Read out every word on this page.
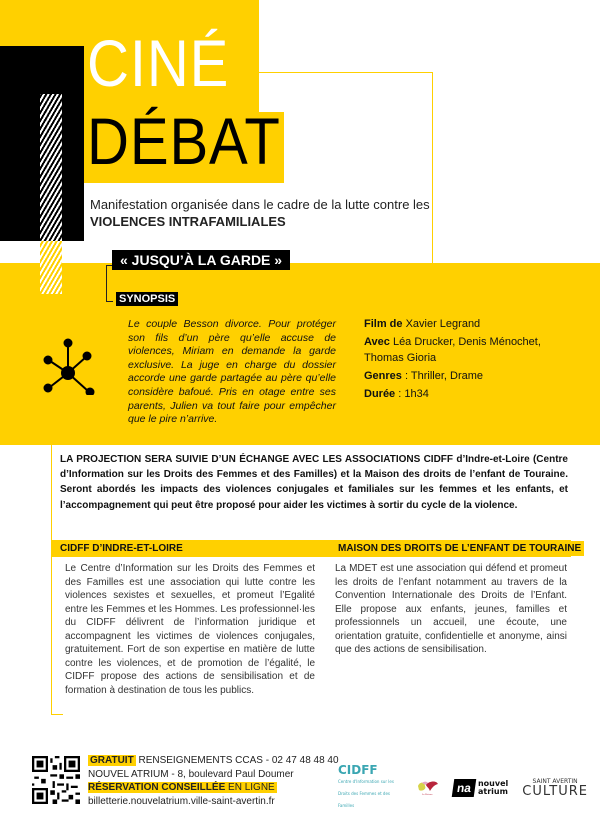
CINÉ
DÉBAT
Manifestation organisée dans le cadre de la lutte contre les VIOLENCES INTRAFAMILIALES
« JUSQU’À LA GARDE »
SYNOPSIS
Le couple Besson divorce. Pour protéger son fils d’un père qu’elle accuse de violences, Miriam en demande la garde exclusive. La juge en charge du dossier accorde une garde partagée au père qu’elle considère bafoué. Pris en otage entre ses parents, Julien va tout faire pour empêcher que le pire n’arrive.
Film de Xavier Legrand
Avec Léa Drucker, Denis Ménochet, Thomas Gioria
Genres : Thriller, Drame
Durée : 1h34
LA PROJECTION SERA SUIVIE D’UN ÉCHANGE AVEC LES ASSOCIATIONS CIDFF d’Indre-et-Loire (Centre d’Information sur les Droits des Femmes et des Familles) et la Maison des droits de l’enfant de Touraine. Seront abordés les impacts des violences conjugales et familiales sur les femmes et les enfants, et l’accompagnement qui peut être proposé pour aider les victimes à sortir du cycle de la violence.
CIDFF D’INDRE-ET-LOIRE	MAISON DES DROITS DE L’ENFANT DE TOURAINE
Le Centre d’Information sur les Droits des Femmes et des Familles est une association qui lutte contre les violences sexistes et sexuelles, et promeut l’Egalité entre les Femmes et les Hommes. Les professionnel·les du CIDFF délivrent de l’information juridique et accompagnent les victimes de violences conjugales, gratuitement. Fort de son expertise en matière de lutte contre les violences, et de promotion de l’égalité, le CIDFF propose des actions de sensibilisation et de formation à destination de tous les publics.
La MDET est une association qui défend et promeut les droits de l’enfant notamment au travers de la Convention Internationale des Droits de l’Enfant. Elle propose aux enfants, jeunes, familles et professionnels un accueil, une écoute, une orientation gratuite, confidentielle et anonyme, ainsi que des actions de sensibilisation.
GRATUIT RENSEIGNEMENTS CCAS - 02 47 48 48 40
NOUVEL ATRIUM - 8, boulevard Paul Doumer
RÉSERVATION CONSEILLÉE EN LIGNE
billetterie.nouvelatrium.ville-saint-avertin.fr
CIDFF
Centre d'Information sur les Droits des Femmes et des Familles
La Maison	na nouvel
atrium
SAINT AVERTIN
CULTURE
